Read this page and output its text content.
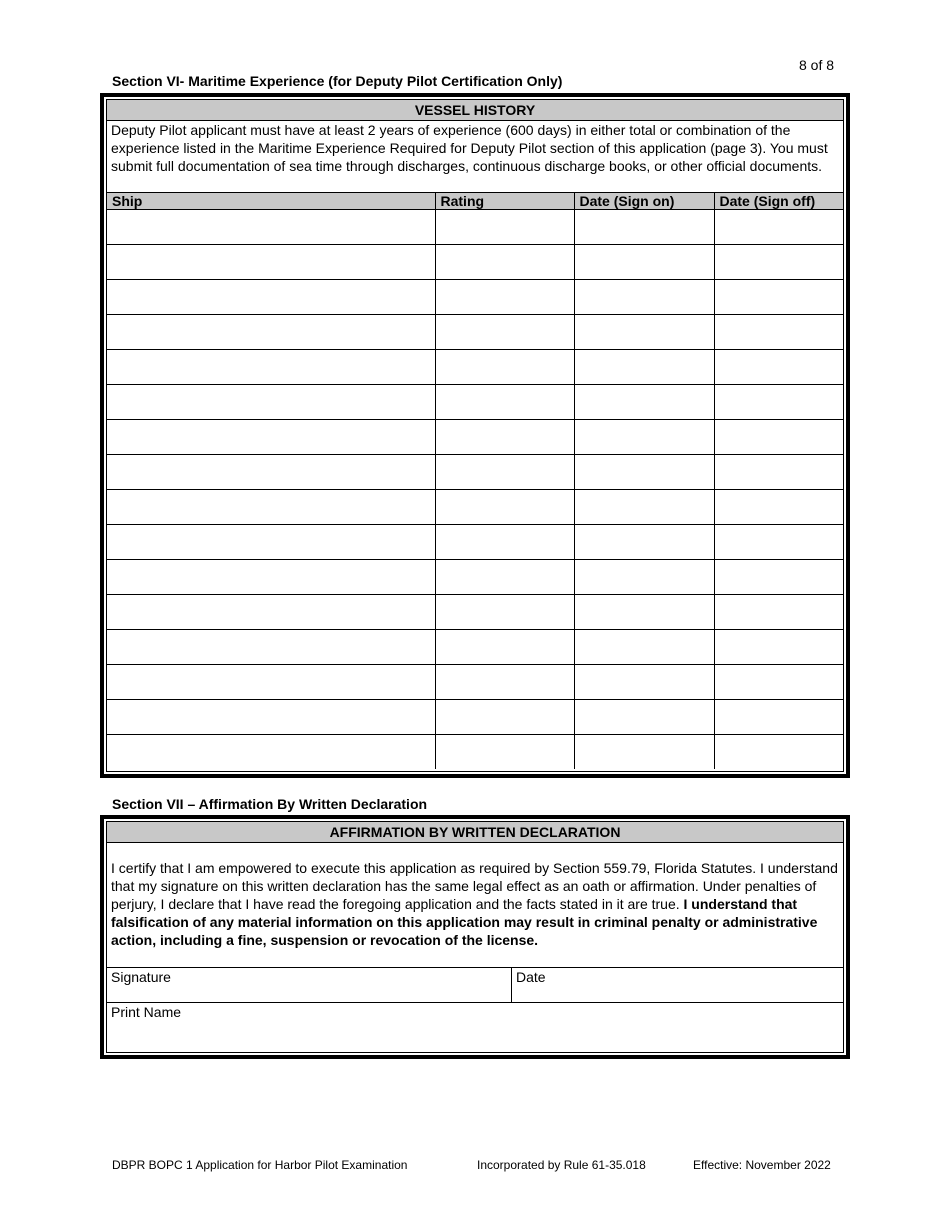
8 of 8
Section VI- Maritime Experience (for Deputy Pilot Certification Only)
VESSEL HISTORY
Deputy Pilot applicant must have at least 2 years of experience (600 days) in either total or combination of the experience listed in the Maritime Experience Required for Deputy Pilot section of this application (page 3). You must submit full documentation of sea time through discharges, continuous discharge books, or other official documents.
Ship	Rating	Date (Sign on)	Date (Sign off)

Section VII – Affirmation By Written Declaration
AFFIRMATION BY WRITTEN DECLARATION
I certify that I am empowered to execute this application as required by Section 559.79, Florida Statutes. I understand that my signature on this written declaration has the same legal effect as an oath or affirmation. Under penalties of perjury, I declare that I have read the foregoing application and the facts stated in it are true. I understand that falsification of any material information on this application may result in criminal penalty or administrative action, including a fine, suspension or revocation of the license.
Signature	Date
Print Name
DBPR BOPC 1 Application for Harbor Pilot Examination	Incorporated by Rule 61-35.018	Effective: November 2022
